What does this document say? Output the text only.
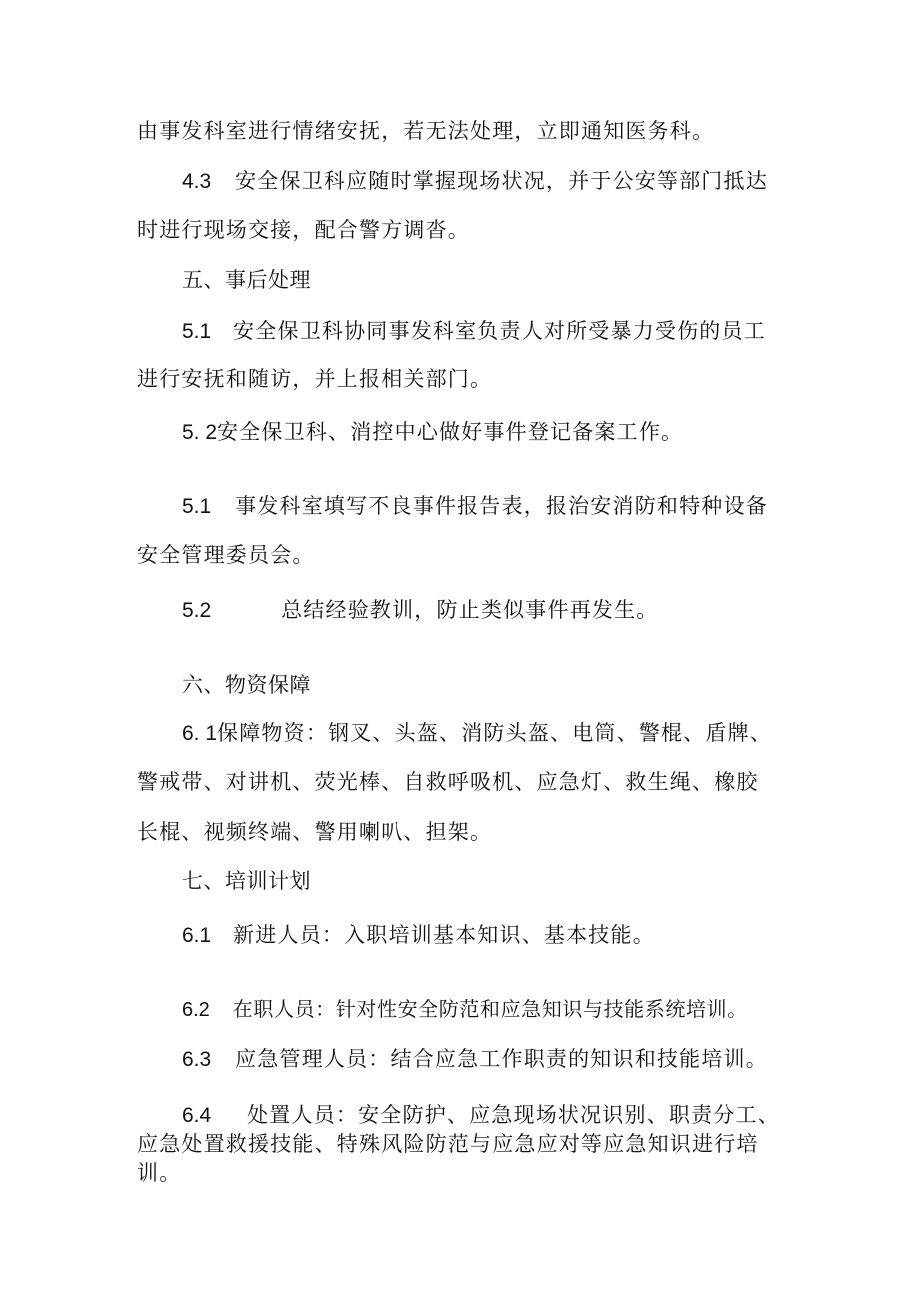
由事发科室进行情绪安抚，若无法处理，立即通知医务科。
4.3 安全保卫科应随时掌握现场状况，并于公安等部门抵达
时进行现场交接，配合警方调沓。
五、事后处理
5.1 安全保卫科协同事发科室负责人对所受暴力受伤的员工
进行安抚和随访，并上报相关部门。
5. 2安全保卫科、消控中心做好事件登记备案工作。
5.1 事发科室填写不良事件报告表，报治安消防和特种设备
安全管理委员会。
5.2	总结经验教训，防止类似事件再发生。
六、物资保障
6. 1保障物资：钢叉、头盔、消防头盔、电筒、警棍、盾牌、
警戒带、对讲机、荧光棒、自救呼吸机、应急灯、救生绳、橡胶
长棍、视频终端、警用喇叭、担架。
七、培训计划
6.1 新进人员：入职培训基本知识、基本技能。
6.2 在职人员：针对性安全防范和应急知识与技能系统培训。
6.3 应急管理人员：结合应急工作职责的知识和技能培训。
6.4 处置人员：安全防护、应急现场状况识别、职责分工、
应急处置救援技能、特殊风险防范与应急应对等应急知识进行培
训。
